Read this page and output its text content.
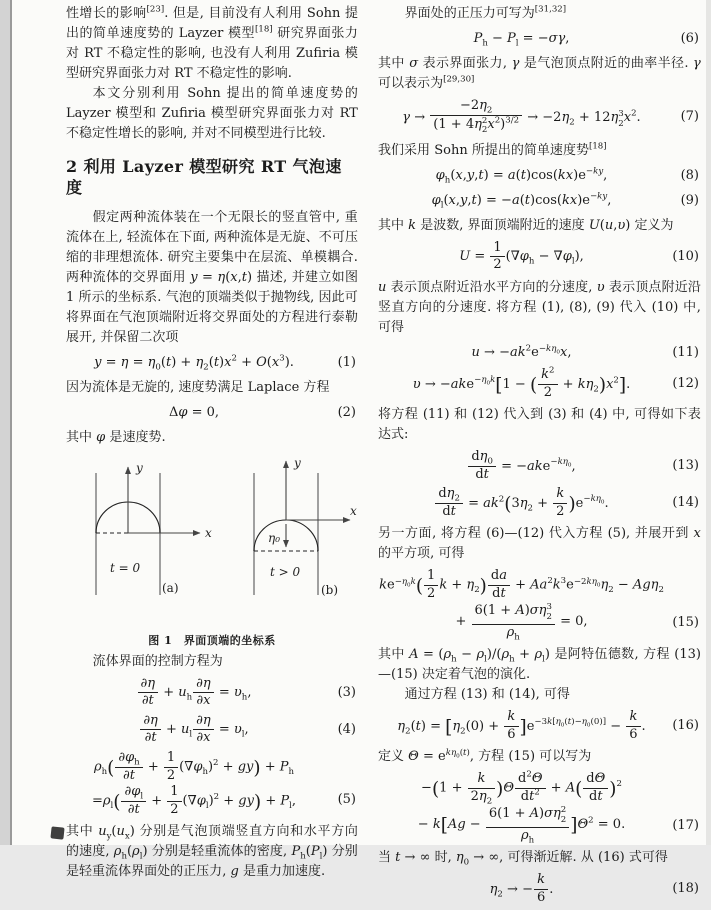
性增长的影响[23]. 但是, 目前没有人利用 Sohn 提出的简单速度势的 Layzer 模型[18] 研究界面张力对 RT 不稳定性的影响, 也没有人利用 Zufria 模型研究界面张力对 RT 不稳定性的影响.

本文分别利用 Sohn 提出的简单速度势的 Layzer 模型和 Zufria 模型研究界面张力对 RT 不稳定性增长的影响, 并对不同模型进行比较.

2 利用 Layzer 模型研究 RT 气泡速度

假定两种流体装在一个无限长的竖直管中, 重流体在上, 轻流体在下面, 两种流体是无旋、不可压缩的非理想流体. 研究主要集中在层流、单模耦合. 两种流体的交界面用 y = η(x,t) 描述, 并建立如图 1 所示的坐标系. 气泡的顶端类似于抛物线, 因此可将界面在气泡顶端附近将交界面处的方程进行泰勒展开, 并保留二次项

$y = \eta = \eta_0(t) + \eta_2(t)x^2 + O(x^3)$.	(1)

因为流体是无旋的, 速度势满足 Laplace 方程

Δφ = 0,	(2)

其中 φ 是速度势.

y
x
t = 0
(a)
y
x
η₀
t > 0
(b)
图 1　界面顶端的坐标系

流体界面的控制方程为

$\frac{\partial\eta}{\partial t} + u_h \frac{\partial\eta}{\partial x} = \upsilon_h$,	(3)
$\frac{\partial\eta}{\partial t} + u_l \frac{\partial\eta}{\partial x} = \upsilon_l$,	(4)
$\rho_h( \frac{\partial\varphi_h}{\partial t} + \frac{1}{2} (\nabla\varphi_h)^2 + gy) + P_h$
$=\rho_l( \frac{\partial\varphi_l}{\partial t} + \frac{1}{2} (\nabla\varphi_l)^2 + gy) + P_l$,	(5)

其中 $u_y(u_x)$ 分别是气泡顶端竖直方向和水平方向的速度, $\rho_h(\rho_l)$ 分别是轻重流体的密度, $P_h(P_l)$ 分别是轻重流体界面处的正压力, g 是重力加速度.

界面处的正压力可写为[31,32]

$P_h - P_l = -\sigma\gamma$,	(6)

其中 σ 表示界面张力, γ 是气泡顶点附近的曲率半径. γ 可以表示为[29,30]

$\gamma \to -2\eta_2$
(1 + 4η 2
2 $x^2)^{3/2} \to -2\eta_2 + 12\eta$ 3
2 $x^2$.	(7)

我们采用 Sohn 所提出的简单速度势[18]

$\varphi_h(x,y,t) = a(t)\cos(kx)e^{-ky}$,	(8)
$\varphi_l(x,y,t) = -a(t)\cos(kx)e^{-ky}$,	(9)

其中 k 是波数, 界面顶端附近的速度 U(u,υ) 定义为

$U = \frac{1}{2} (\nabla\varphi_h - \nabla\varphi_l)$,	(10)

u 表示顶点附近沿水平方向的分速度, υ 表示顶点附近沿竖直方向的分速度. 将方程 (1), (8), (9) 代入 (10) 中, 可得

$u \to -ak^2e^{-k\eta_0}x$,	(11)
υ → −ake$^{-\eta_0k}$[1 − ( $\frac{k^2}{2} + k\eta_2)x^2$].	(12)

将方程 (11) 和 (12) 代入到 (3) 和 (4) 中, 可得如下表达式:

$\frac{d\eta_0}{dt} = -ake^{-k\eta_0}$,	(13)
$\frac{d\eta_2}{dt} = ak^2(3\eta_2 + \frac{k}{2} )e^{-k\eta_0}$.	(14)

另一方面, 将方程 (6)—(12) 代入方程 (5), 并展开到 x 的平方项, 可得

$ke^{-\eta_0k}( \frac{1}{2}$ $k + \eta_2) \frac{da}{dt} + Aa^2k^3e^{-2k\eta_0}\eta_2 - Ag\eta_2$
+ 6(1 + A)ση 3
2
$\rho_h = 0$,	(15)

其中 $A = (\rho_h - \rho_l)/(\rho_h + \rho_l)$ 是阿特伍德数, 方程 (13)—(15) 决定着气泡的演化.

通过方程 (13) 和 (14), 可得

$\eta_2(t) = [\eta_2(0) + \frac{k}{6} ]e^{-3k[\eta_0(t)-\eta_0(0)]} - \frac{k}{6}$ . (16)

定义 $\Theta = e^{k\eta_0(t)}$, 方程 (15) 可以写为

$-(1 + \frac{k}{2\eta_2} )\Theta \frac{d^2\Theta}{dt^2} + A( \frac{d\Theta}{dt} )^2$
− k[Ag − 6(1 + A)ση 2
2
$\rho_h$ ]$\Theta^2 = 0$.	(17)

当 t → ∞ 时, $\eta_0$ → ∞, 可得渐近解. 从 (16) 式可得

$\eta_2$ → − $\frac{k}{6}$ .	(18)
